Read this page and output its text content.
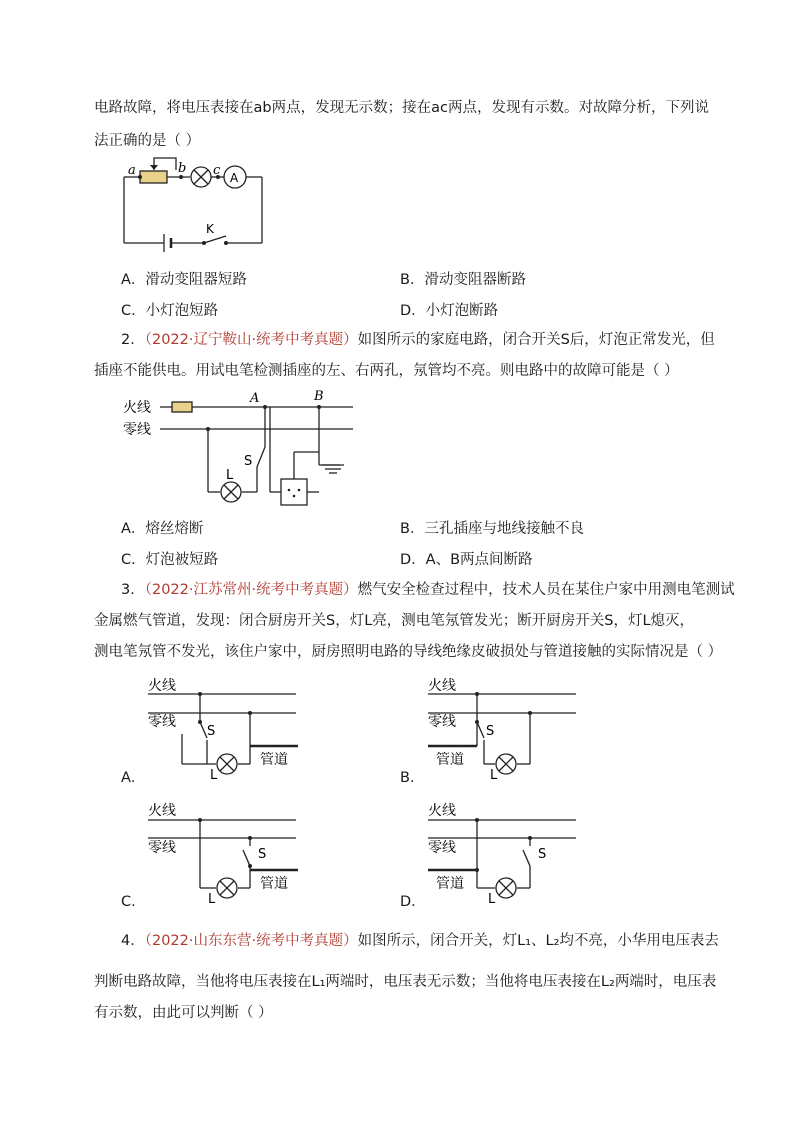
电路故障，将电压表接在ab两点，发现无示数；接在ac两点，发现有示数。对故障分析，下列说
法正确的是（ ）
a	b c A
K
A．滑动变阻器短路	B．滑动变阻器断路
C．小灯泡短路	D．小灯泡断路
2．（2022·辽宁鞍山·统考中考真题）如图所示的家庭电路，闭合开关S后，灯泡正常发光，但
插座不能供电。用试电笔检测插座的左、右两孔，氖管均不亮。则电路中的故障可能是（ ）
火线
零线
A	B
L
S
A．熔丝熔断	B．三孔插座与地线接触不良
C．灯泡被短路	D．A、B两点间断路
3．（2022·江苏常州·统考中考真题）燃气安全检查过程中，技术人员在某住户家中用测电笔测试
金属燃气管道，发现：闭合厨房开关S，灯L亮，测电笔氖管发光；断开厨房开关S，灯L熄灭，
测电笔氖管不发光，该住户家中，厨房照明电路的导线绝缘皮破损处与管道接触的实际情况是（ ）
火线
零线
S
L
管道
火线
零线
S
L
管道
火线
零线	S
L
管道
火线
零线	S
L
管道
A．	B．
C．	D．
4．（2022·山东东营·统考中考真题）如图所示，闭合开关，灯L₁、L₂均不亮，小华用电压表去
判断电路故障，当他将电压表接在L₁两端时，电压表无示数；当他将电压表接在L₂两端时，电压表
有示数，由此可以判断（ ）
